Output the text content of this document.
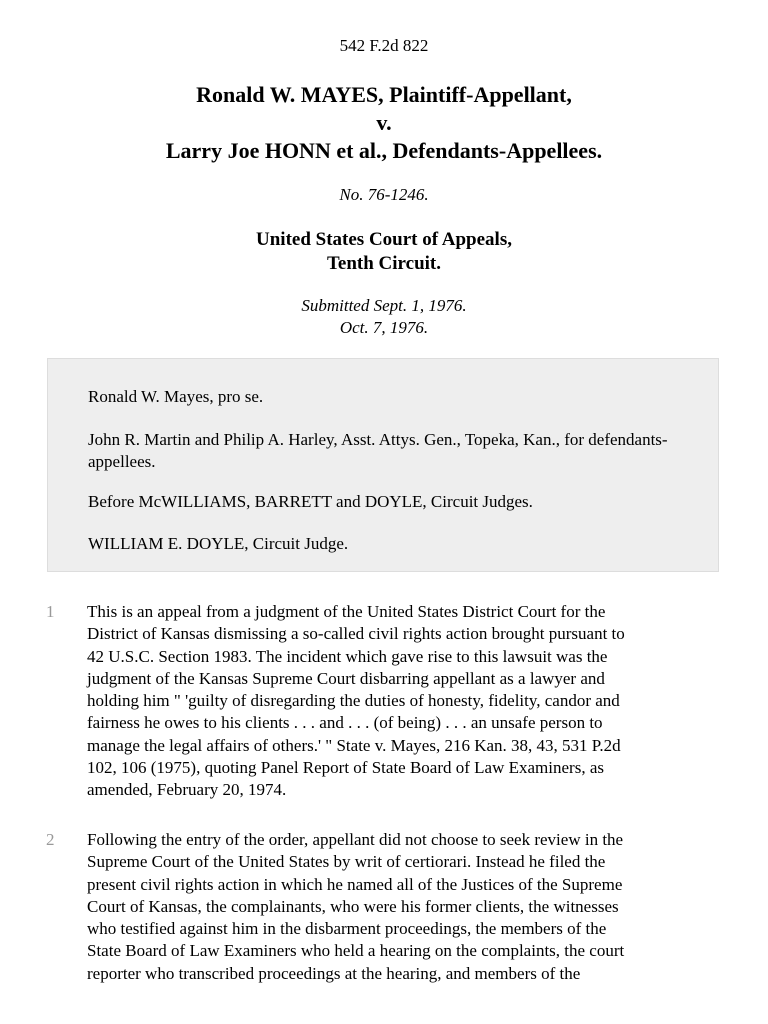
542 F.2d 822
Ronald W. MAYES, Plaintiff-Appellant,
v.
Larry Joe HONN et al., Defendants-Appellees.
No. 76-1246.
United States Court of Appeals,
Tenth Circuit.
Submitted Sept. 1, 1976.
Oct. 7, 1976.

Ronald W. Mayes, pro se.

John R. Martin and Philip A. Harley, Asst. Attys. Gen., Topeka, Kan., for defendants-appellees.

Before McWILLIAMS, BARRETT and DOYLE, Circuit Judges.

WILLIAM E. DOYLE, Circuit Judge.

1 This is an appeal from a judgment of the United States District Court for the
District of Kansas dismissing a so-called civil rights action brought pursuant to
42 U.S.C. Section 1983. The incident which gave rise to this lawsuit was the
judgment of the Kansas Supreme Court disbarring appellant as a lawyer and
holding him " 'guilty of disregarding the duties of honesty, fidelity, candor and
fairness he owes to his clients . . . and . . . (of being) . . . an unsafe person to
manage the legal affairs of others.' " State v. Mayes, 216 Kan. 38, 43, 531 P.2d
102, 106 (1975), quoting Panel Report of State Board of Law Examiners, as
amended, February 20, 1974.
2 Following the entry of the order, appellant did not choose to seek review in the
Supreme Court of the United States by writ of certiorari. Instead he filed the
present civil rights action in which he named all of the Justices of the Supreme
Court of Kansas, the complainants, who were his former clients, the witnesses
who testified against him in the disbarment proceedings, the members of the
State Board of Law Examiners who held a hearing on the complaints, the court
reporter who transcribed proceedings at the hearing, and members of the
